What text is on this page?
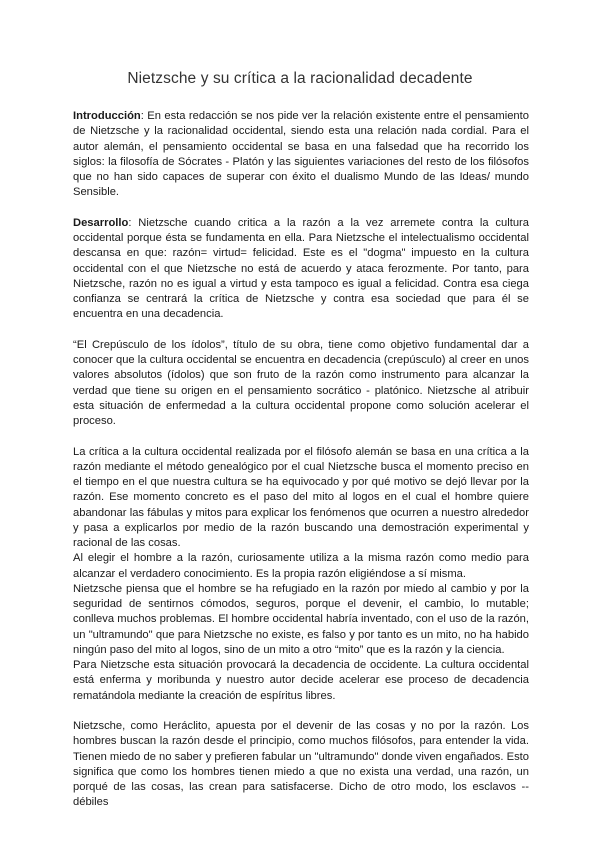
Nietzsche y su crítica a la racionalidad decadente

Introducción: En esta redacción se nos pide ver la relación existente entre el pensamiento de Nietzsche y la racionalidad occidental, siendo esta una relación nada cordial. Para el autor alemán, el pensamiento occidental se basa en una falsedad que ha recorrido los siglos: la filosofía de Sócrates - Platón y las siguientes variaciones del resto de los filósofos que no han sido capaces de superar con éxito el dualismo Mundo de las Ideas/ mundo Sensible.

Desarrollo: Nietzsche cuando critica a la razón a la vez arremete contra la cultura occidental porque ésta se fundamenta en ella. Para Nietzsche el intelectualismo occidental descansa en que: razón= virtud= felicidad. Este es el "dogma" impuesto en la cultura occidental con el que Nietzsche no está de acuerdo y ataca ferozmente. Por tanto, para Nietzsche, razón no es igual a virtud y esta tampoco es igual a felicidad. Contra esa ciega confianza se centrará la crítica de Nietzsche y contra esa sociedad que para él se encuentra en una decadencia.

“El Crepúsculo de los ídolos”, título de su obra, tiene como objetivo fundamental dar a conocer que la cultura occidental se encuentra en decadencia (crepúsculo) al creer en unos valores absolutos (ídolos) que son fruto de la razón como instrumento para alcanzar la verdad que tiene su origen en el pensamiento socrático - platónico. Nietzsche al atribuir esta situación de enfermedad a la cultura occidental propone como solución acelerar el proceso.

La crítica a la cultura occidental realizada por el filósofo alemán se basa en una crítica a la razón mediante el método genealógico por el cual Nietzsche busca el momento preciso en el tiempo en el que nuestra cultura se ha equivocado y por qué motivo se dejó llevar por la razón. Ese momento concreto es el paso del mito al logos en el cual el hombre quiere abandonar las fábulas y mitos para explicar los fenómenos que ocurren a nuestro alrededor y pasa a explicarlos por medio de la razón buscando una demostración experimental y racional de las cosas.

Al elegir el hombre a la razón, curiosamente utiliza a la misma razón como medio para alcanzar el verdadero conocimiento. Es la propia razón eligiéndose a sí misma.

Nietzsche piensa que el hombre se ha refugiado en la razón por miedo al cambio y por la seguridad de sentirnos cómodos, seguros, porque el devenir, el cambio, lo mutable; conlleva muchos problemas. El hombre occidental habría inventado, con el uso de la razón, un "ultramundo" que para Nietzsche no existe, es falso y por tanto es un mito, no ha habido ningún paso del mito al logos, sino de un mito a otro “mito” que es la razón y la ciencia.

Para Nietzsche esta situación provocará la decadencia de occidente. La cultura occidental está enferma y moribunda y nuestro autor decide acelerar ese proceso de decadencia rematándola mediante la creación de espíritus libres.

Nietzsche, como Heráclito, apuesta por el devenir de las cosas y no por la razón. Los hombres buscan la razón desde el principio, como muchos filósofos, para entender la vida. Tienen miedo de no saber y prefieren fabular un "ultramundo" donde viven engañados. Esto significa que como los hombres tienen miedo a que no exista una verdad, una razón, un porqué de las cosas, las crean para satisfacerse. Dicho de otro modo, los esclavos -- débiles
